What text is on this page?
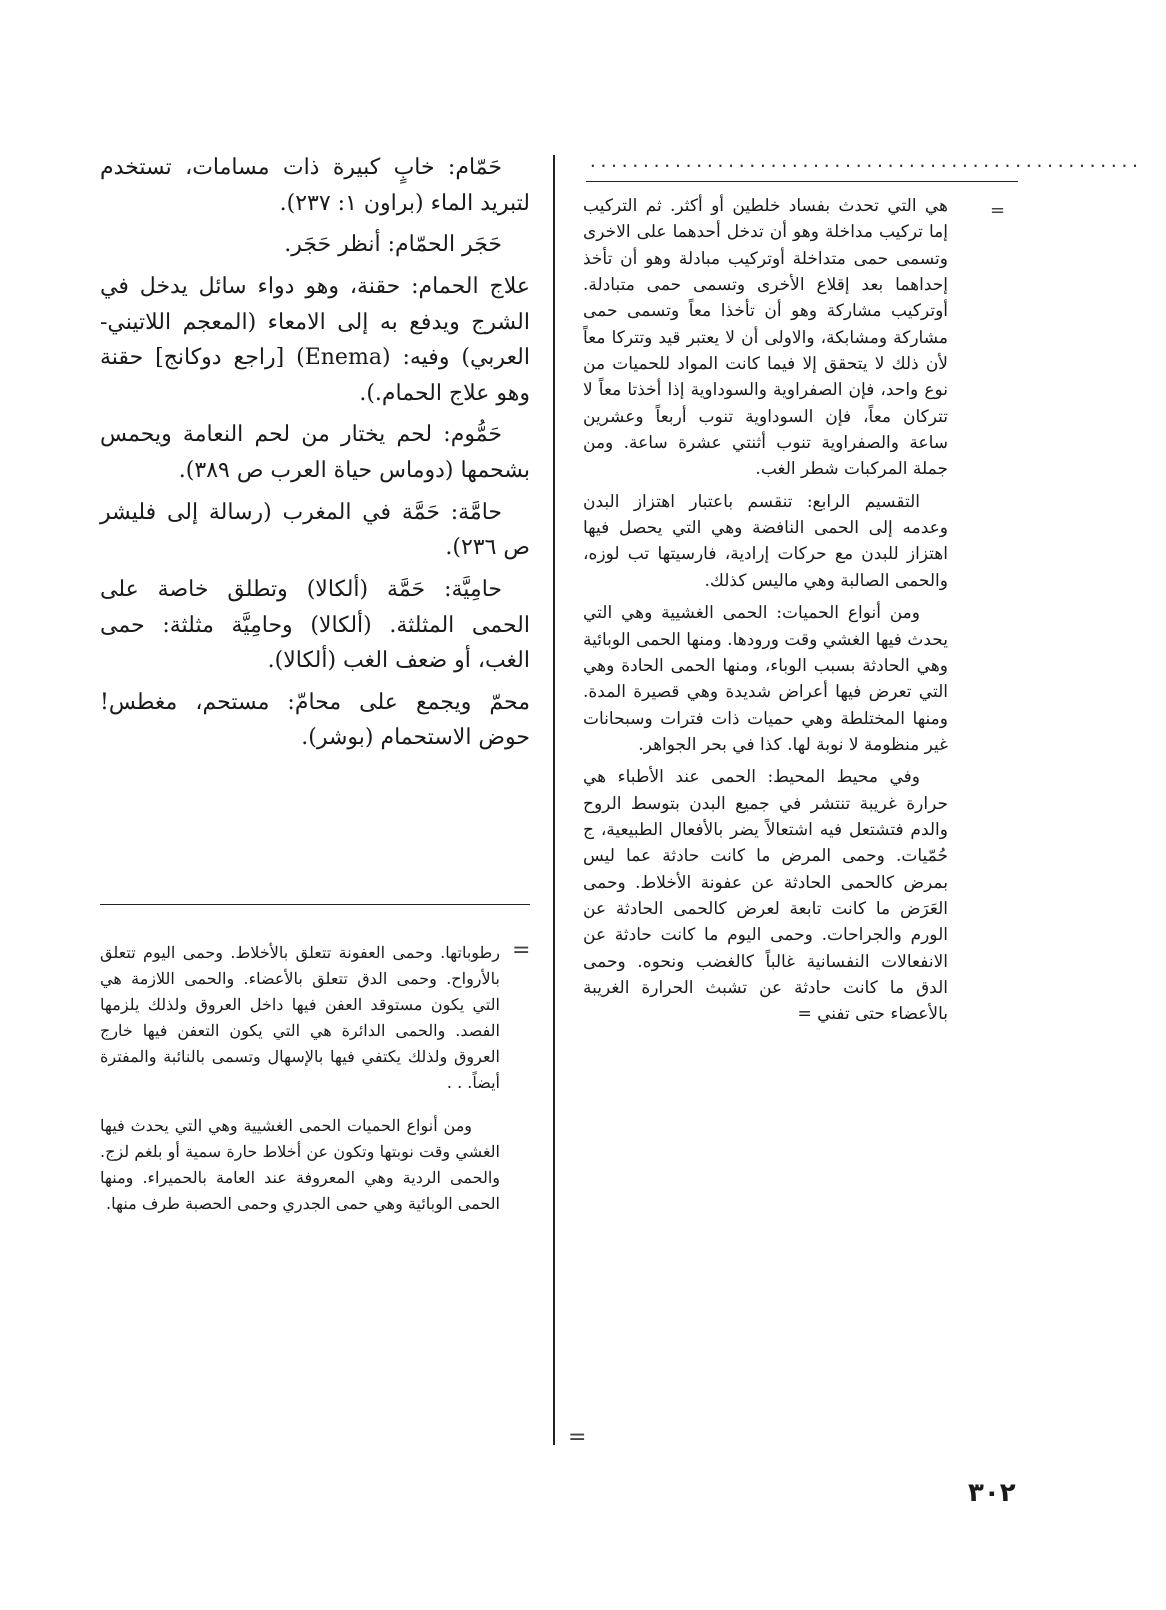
....................................................
=

هي التي تحدث بفساد خلطين أو أكثر. ثم التركيب إما تركيب مداخلة وهو أن تدخل أحدهما على الاخرى وتسمى حمى متداخلة أوتركيب مبادلة وهو أن تأخذ إحداهما بعد إقلاع الأخرى وتسمى حمى متبادلة. أوتركيب مشاركة وهو أن تأخذا معاً وتسمى حمى مشاركة ومشابكة، والاولى أن لا يعتبر قيد وتتركا معاً لأن ذلك لا يتحقق إلا فيما كانت المواد للحميات من نوع واحد، فإن الصفراوية والسوداوية إذا أخذتا معاً لا تتركان معاً، فإن السوداوية تنوب أربعاً وعشرين ساعة والصفراوية تنوب أثنتي عشرة ساعة. ومن جملة المركبات شطر الغب.

التقسيم الرابع: تنقسم باعتبار اهتزاز البدن وعدمه إلى الحمى النافضة وهي التي يحصل فيها اهتزاز للبدن مع حركات إرادية، فارسيتها تب لوزه، والحمى الصالبة وهي ماليس كذلك.

ومن أنواع الحميات: الحمى الغشيية وهي التي يحدث فيها الغشي وقت ورودها. ومنها الحمى الوبائية وهي الحادثة بسبب الوباء، ومنها الحمى الحادة وهي التي تعرض فيها أعراض شديدة وهي قصيرة المدة. ومنها المختلطة وهي حميات ذات فترات وسبحانات غير منظومة لا نوبة لها. كذا في بحر الجواهر.

وفي محيط المحيط: الحمى عند الأطباء هي حرارة غريبة تنتشر في جميع البدن بتوسط الروح والدم فتشتعل فيه اشتعالاً يضر بالأفعال الطبيعية، ج حُمّيات. وحمى المرض ما كانت حادثة عما ليس بمرض كالحمى الحادثة عن عفونة الأخلاط. وحمى العَرَض ما كانت تابعة لعرض كالحمى الحادثة عن الورم والجراحات. وحمى اليوم ما كانت حادثة عن الانفعالات النفسانية غالباً كالغضب ونحوه. وحمى الدق ما كانت حادثة عن تشبث الحرارة الغريبة بالأعضاء حتى تفني =

حَمّام: خابٍ كبيرة ذات مسامات، تستخدم لتبريد الماء (براون ١: ٢٣٧).

حَجَر الحمّام: أنظر حَجَر.

علاج الحمام: حقنة، وهو دواء سائل يدخل في الشرج ويدفع به إلى الامعاء (المعجم اللاتيني-العربي) وفيه: (Enema) [راجع دوكانج] حقنة وهو علاج الحمام.).

حَمُّوم: لحم يختار من لحم النعامة ويحمس بشحمها (دوماس حياة العرب ص ٣٨٩).

حامَّة: حَمَّة في المغرب (رسالة إلى فليشر ص ٢٣٦).

حامِيَّة: حَمَّة (ألكالا) وتطلق خاصة على الحمى المثلثة. (ألكالا) وحامِيَّة مثلثة: حمى الغب، أو ضعف الغب (ألكالا).

محمّ ويجمع على محامّ: مستحم، مغطس! حوض الاستحمام (بوشر).

=

رطوباتها. وحمى العفونة تتعلق بالأخلاط. وحمى اليوم تتعلق بالأرواح. وحمى الدق تتعلق بالأعضاء. والحمى اللازمة هي التي يكون مستوقد العفن فيها داخل العروق ولذلك يلزمها الفصد. والحمى الدائرة هي التي يكون التعفن فيها خارج العروق ولذلك يكتفي فيها بالإسهال وتسمى بالنائبة والمفترة أيضاً. . .

ومن أنواع الحميات الحمى الغشيية وهي التي يحدث فيها الغشي وقت نوبتها وتكون عن أخلاط حارة سمية أو بلغم لزج. والحمى الردية وهي المعروفة عند العامة بالحميراء. ومنها الحمى الوبائية وهي حمى الجدري وحمى الحصبة طرف منها.

=
٣٠٢
